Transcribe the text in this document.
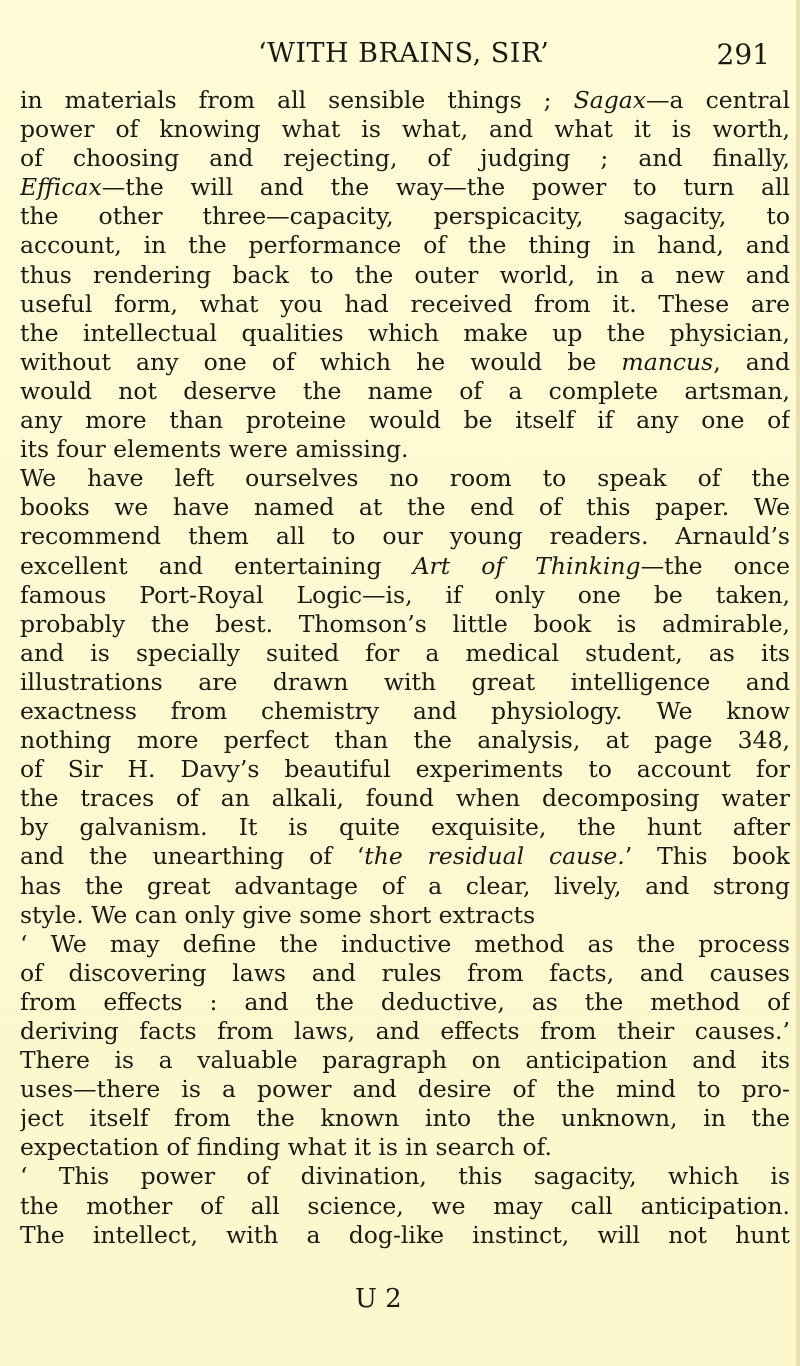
‘WITH BRAINS, SIR’	291
in materials from all sensible things ; Sagax—a central
power of knowing what is what, and what it is worth,
of choosing and rejecting, of judging ; and finally,
Efficax—the will and the way—the power to turn all
the other three—capacity, perspicacity, sagacity, to
account, in the performance of the thing in hand, and
thus rendering back to the outer world, in a new and
useful form, what you had received from it. These are
the intellectual qualities which make up the physician,
without any one of which he would be mancus, and
would not deserve the name of a complete artsman,
any more than proteine would be itself if any one of
its four elements were amissing.
We have left ourselves no room to speak of the
books we have named at the end of this paper. We
recommend them all to our young readers. Arnauld’s
excellent and entertaining Art of Thinking—the once
famous Port-Royal Logic—is, if only one be taken,
probably the best. Thomson’s little book is admirable,
and is specially suited for a medical student, as its
illustrations are drawn with great intelligence and
exactness from chemistry and physiology. We know
nothing more perfect than the analysis, at page 348,
of Sir H. Davy’s beautiful experiments to account for
the traces of an alkali, found when decomposing water
by galvanism. It is quite exquisite, the hunt after
and the unearthing of ‘the residual cause.’ This book
has the great advantage of a clear, lively, and strong
style. We can only give some short extracts
‘ We may define the inductive method as the process
of discovering laws and rules from facts, and causes
from effects : and the deductive, as the method of
deriving facts from laws, and effects from their causes.’
There is a valuable paragraph on anticipation and its
uses—there is a power and desire of the mind to pro-
ject itself from the known into the unknown, in the
expectation of finding what it is in search of.
‘ This power of divination, this sagacity, which is
the mother of all science, we may call anticipation.
The intellect, with a dog-like instinct, will not hunt
U 2
